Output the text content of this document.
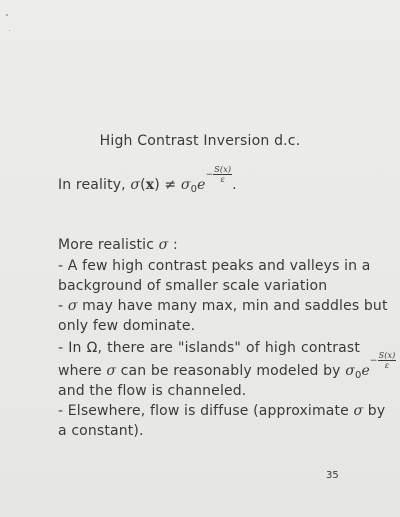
High Contrast Inversion d.c.
In reality, $\sigma(x) \ne \sigma_0e- \frac{S(x)}{\varepsilon}$
.
More realistic σ :
- A few high contrast peaks and valleys in a
background of smaller scale variation
- σ may have many max, min and saddles but
only few dominate.
- In Ω, there are "islands" of high contrast
where σ can be reasonably modeled by $\sigma_0e- \frac{S(x)}{\varepsilon}$
and the flow is channeled.
- Elsewhere, flow is diffuse (approximate σ by
a constant).
35
